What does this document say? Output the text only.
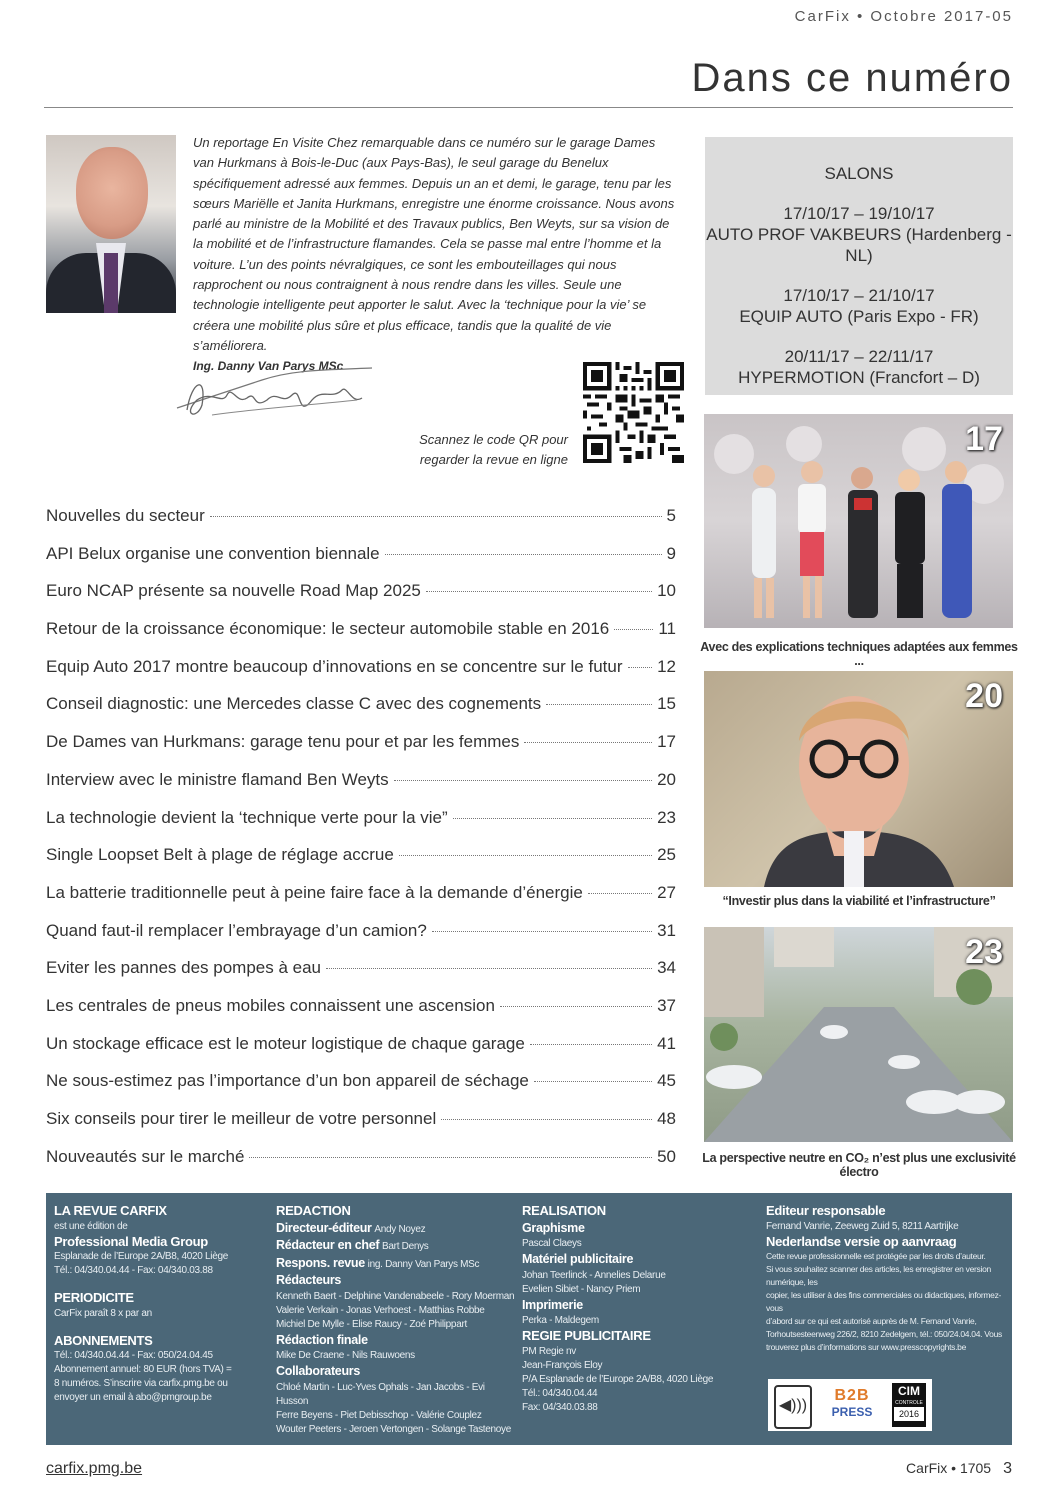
CarFix • Octobre 2017-05
Dans ce numéro
Un reportage En Visite Chez remarquable dans ce numéro sur le garage Dames van Hurkmans à Bois-le-Duc (aux Pays-Bas), le seul garage du Benelux spécifiquement adressé aux femmes. Depuis un an et demi, le garage, tenu par les sœurs Mariëlle et Janita Hurkmans, enregistre une énorme croissance. Nous avons parlé au ministre de la Mobilité et des Travaux publics, Ben Weyts, sur sa vision de la mobilité et de l’infrastructure flamandes. Cela se passe mal entre l’homme et la voiture. L’un des points névralgiques, ce sont les embouteillages qui nous rapprochent ou nous contraignent à nous rendre dans les villes. Seule une technologie intelligente peut apporter le salut. Avec la ‘technique pour la vie’ se créera une mobilité plus sûre et plus efficace, tandis que la qualité de vie s’améliorera.
Ing. Danny Van Parys MSc
Scannez le code QR pour regarder la revue en ligne
SALONS
17/10/17 – 19/10/17
AUTO PROF VAKBEURS (Hardenberg - NL)
17/10/17 – 21/10/17
EQUIP AUTO (Paris Expo - FR)
20/11/17 – 22/11/17
HYPERMOTION (Francfort – D)
Nouvelles du secteur	5
API Belux organise une convention biennale	9
Euro NCAP présente sa nouvelle Road Map 2025	10
Retour de la croissance économique: le secteur automobile stable en 2016	11
Equip Auto 2017 montre beaucoup d’innovations en se concentre sur le futur 12
Conseil diagnostic: une Mercedes classe C avec des cognements	15
De Dames van Hurkmans: garage tenu pour et par les femmes	17
Interview avec le ministre flamand Ben Weyts	20
La technologie devient la ‘technique verte pour la vie”	23
Single Loopset Belt à plage de réglage accrue	25
La batterie traditionnelle peut à peine faire face à la demande d’énergie	27
Quand faut-il remplacer l’embrayage d’un camion?	31
Eviter les pannes des pompes à eau	34
Les centrales de pneus mobiles connaissent une ascension	37
Un stockage efficace est le moteur logistique de chaque garage	41
Ne sous-estimez pas l’importance d’un bon appareil de séchage	45
Six conseils pour tirer le meilleur de votre personnel	48
Nouveautés sur le marché	50
17
Avec des explications techniques adaptées aux femmes ...
20
“Investir plus dans la viabilité et l’infrastructure”
23
La perspective neutre en CO₂ n’est plus une exclusivité électro
LA REVUE CARFIX
est une édition de
Professional Media Group
Esplanade de l’Europe 2A/B8, 4020 Liège
Tél.: 04/340.04.44 - Fax: 04/340.03.88
PERIODICITE
CarFix paraît 8 x par an
ABONNEMENTS
Tél.: 04/340.04.44 - Fax: 050/24.04.45
Abonnement annuel: 80 EUR (hors TVA) =
8 numéros. S’inscrire via carfix.pmg.be ou
envoyer un email à abo@pmgroup.be
REDACTION
Directeur-éditeur Andy Noyez
Rédacteur en chef Bart Denys
Respons. revue ing. Danny Van Parys MSc
Rédacteurs
Kenneth Baert - Delphine Vandenabeele - Rory Moerman
Valerie Verkain - Jonas Verhoest - Matthias Robbe
Michiel De Mylle - Elise Raucy - Zoé Philippart
Rédaction finale
Mike De Craene - Nils Rauwoens
Collaborateurs
Chloé Martin - Luc-Yves Ophals - Jan Jacobs - Evi Husson
Ferre Beyens - Piet Debisschop - Valérie Couplez
Wouter Peeters - Jeroen Vertongen - Solange Tastenoye
REALISATION
Graphisme
Pascal Claeys
Matériel publicitaire
Johan Teerlinck - Annelies Delarue
Evelien Sibiet - Nancy Priem
Imprimerie
Perka - Maldegem
REGIE PUBLICITAIRE
PM Regie nv
Jean-François Eloy
P/A Esplanade de l’Europe 2A/B8, 4020 Liège
Tél.: 04/340.04.44
Fax: 04/340.03.88
Editeur responsable
Fernand Vanrie, Zeeweg Zuid 5, 8211 Aartrijke
Nederlandse versie op aanvraag
Cette revue professionnelle est protégée par les droits d’auteur.
Si vous souhaitez scanner des articles, les enregistrer en version numérique, les
copier, les utiliser à des fins commerciales ou didactiques, informez-vous
d’abord sur ce qui est autorisé auprès de M. Fernand Vanrie,
Torhoutsesteenweg 226/2, 8210 Zedelgem, tél.: 050/24.04.04. Vous
trouverez plus d’informations sur www.presscopyrights.be
◀)))
B2B
PRESS
CIM
CONTROLE
2016
carfix.pmg.be	CarFix • 1705 3
